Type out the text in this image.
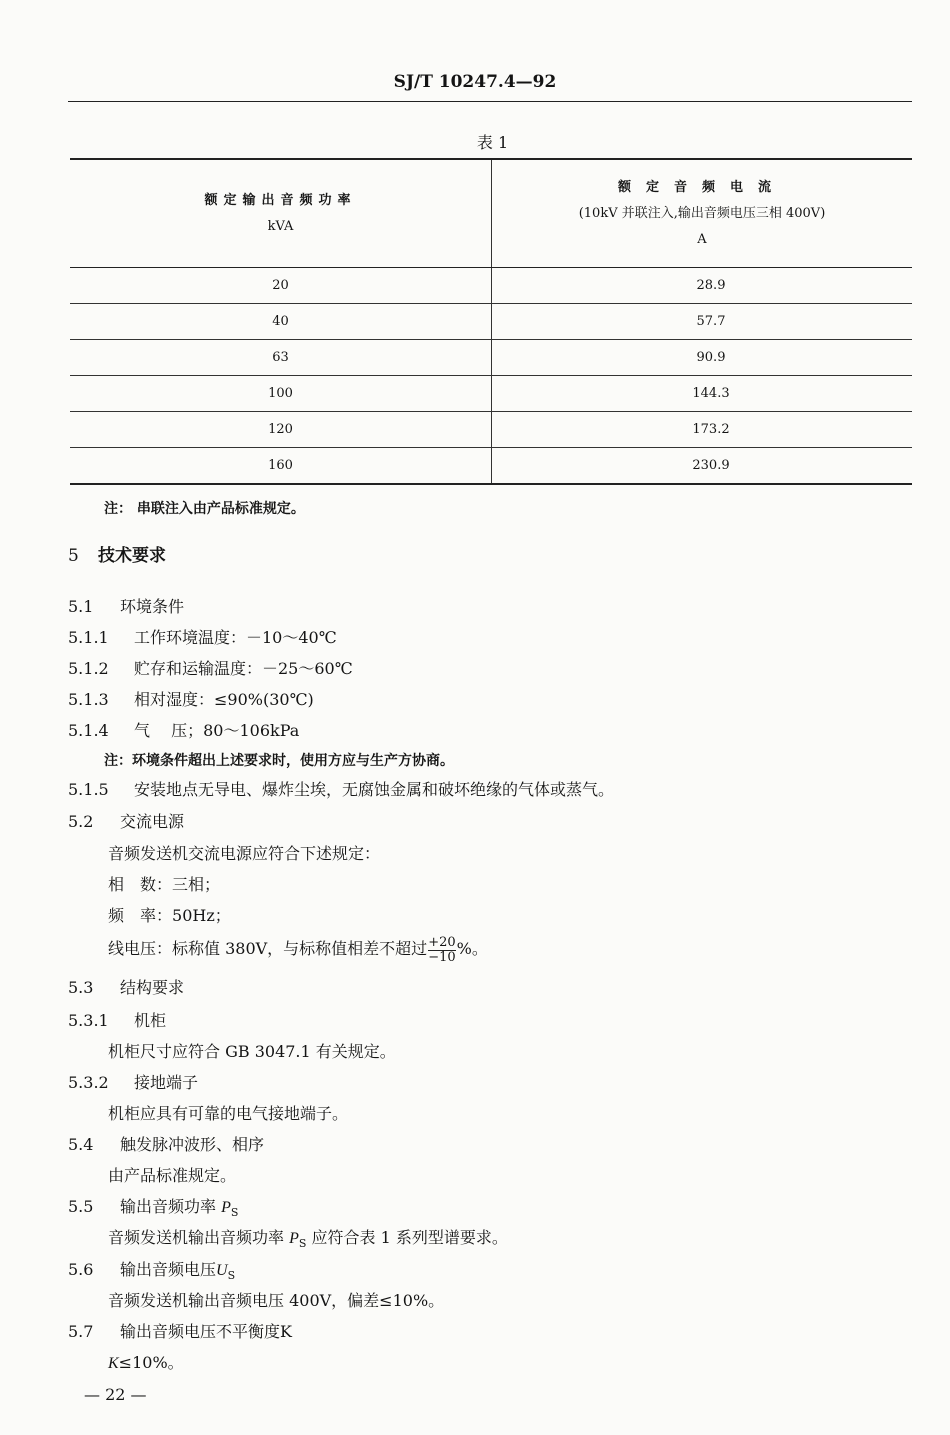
SJ/T 10247.4—92
表 1
额定输出音频功率
kVA	额定音频电流
(10kV 并联注入,输出音频电压三相 400V)
A

20	28.9
40	57.7
63	90.9
100	144.3
120	173.2
160	230.9
注： 串联注入由产品标准规定。
5 技术要求
5.1 环境条件
5.1.1 工作环境温度：－10～40℃
5.1.2 贮存和运输温度：－25～60℃
5.1.3 相对湿度：≤90%(30℃)
5.1.4 气　 压；80～106kPa
注：环境条件超出上述要求时，使用方应与生产方协商。
5.1.5 安装地点无导电、爆炸尘埃，无腐蚀金属和破坏绝缘的气体或蒸气。
5.2 交流电源
音频发送机交流电源应符合下述规定：
相　数：三相；
频　率：50Hz；
线电压：标称值 380V，与标称值相差不超过 $\frac{+20}{-10}$ %。
5.3 结构要求
5.3.1 机柜
机柜尺寸应符合 GB 3047.1 有关规定。
5.3.2 接地端子
机柜应具有可靠的电气接地端子。
5.4 触发脉冲波形、相序
由产品标准规定。
5.5 输出音频功率 $P_S$
音频发送机输出音频功率 $P_S$ 应符合表 1 系列型谱要求。
5.6 输出音频电压$U_S$
音频发送机输出音频电压 400V，偏差≤10%。
5.7 输出音频电压不平衡度K
K≤10%。
— 22 —
